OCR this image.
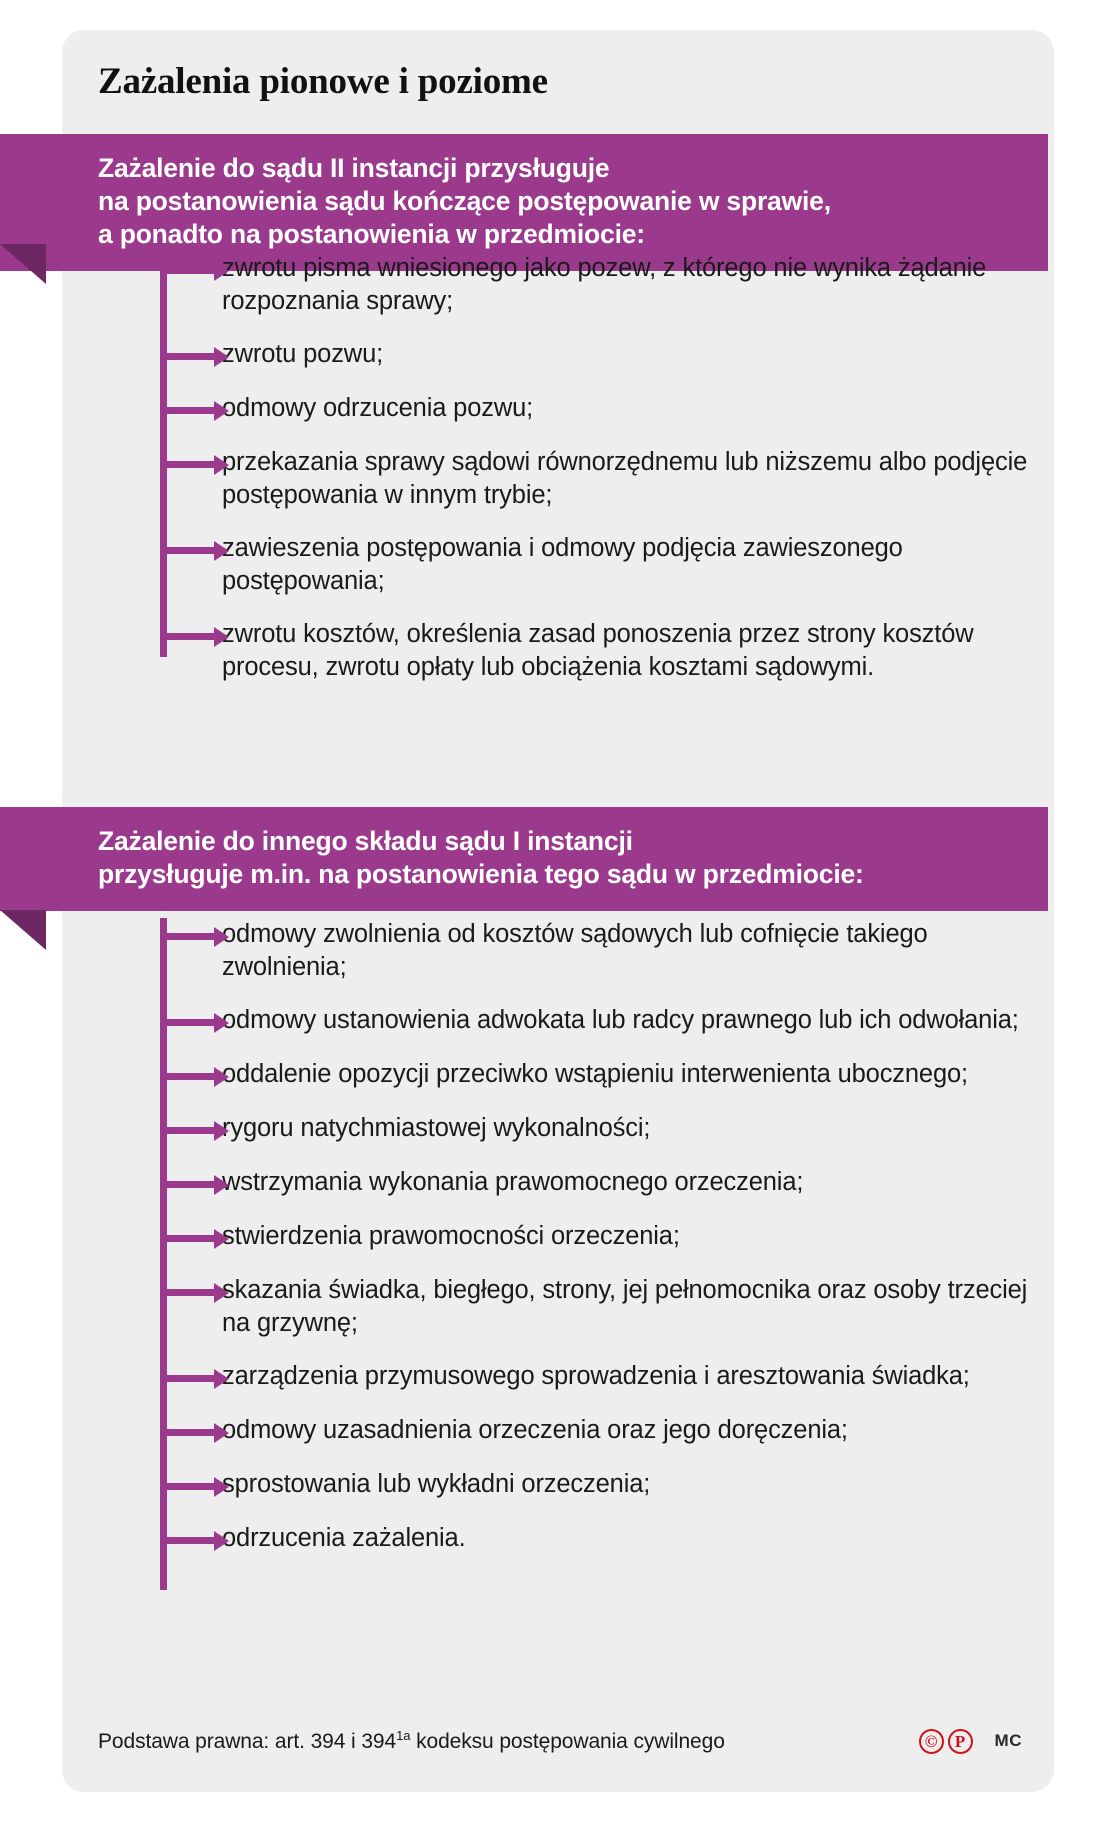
Zażalenia pionowe i poziome
Zażalenie do sądu II instancji przysługuje
na postanowienia sądu kończące postępowanie w sprawie,
a ponadto na postanowienia w przedmiocie:
zwrotu pisma wniesionego jako pozew, z którego nie wynika żądanie rozpoznania sprawy;
zwrotu pozwu;
odmowy odrzucenia pozwu;
przekazania sprawy sądowi równorzędnemu lub niższemu albo podjęcie postępowania w innym trybie;
zawieszenia postępowania i odmowy podjęcia zawieszonego postępowania;
zwrotu kosztów, określenia zasad ponoszenia przez strony kosztów procesu, zwrotu opłaty lub obciążenia kosztami sądowymi.
Zażalenie do innego składu sądu I instancji
przysługuje m.in. na postanowienia tego sądu w przedmiocie:
odmowy zwolnienia od kosztów sądowych lub cofnięcie takiego zwolnienia;
odmowy ustanowienia adwokata lub radcy prawnego lub ich odwołania;
oddalenie opozycji przeciwko wstąpieniu interwenienta ubocznego;
rygoru natychmiastowej wykonalności;
wstrzymania wykonania prawomocnego orzeczenia;
stwierdzenia prawomocności orzeczenia;
skazania świadka, biegłego, strony, jej pełnomocnika oraz osoby trzeciej na grzywnę;
zarządzenia przymusowego sprowadzenia i aresztowania świadka;
odmowy uzasadnienia orzeczenia oraz jego doręczenia;
sprostowania lub wykładni orzeczenia;
odrzucenia zażalenia.
Podstawa prawna: art. 394 i $394^{1a}$ kodeksu postępowania cywilnego	©	P	MC
